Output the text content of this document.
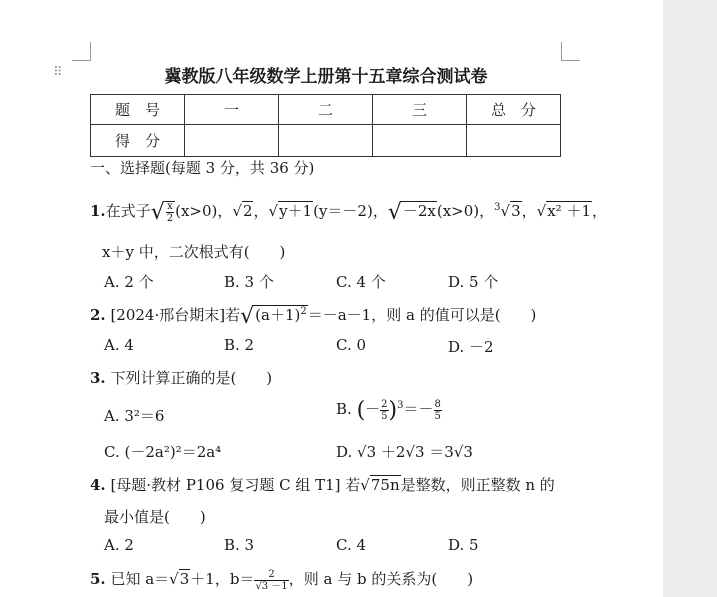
⠿	冀教版八年级数学上册第十五章综合测试卷
题　号	一	二	三	总　分
得　分				
一、选择题(每题 3 分，共 36 分)
1.在式子√ $\frac{x}{2} (x>0)$，√2，√y＋1(y＝－2)，√－2x(x>0)，$^3$√3，√x² ＋1，
x＋y 中，二次根式有(　　)
A. 2 个	B. 3 个	C. 4 个	D. 5 个
2. [2024·邢台期末]若$√(a+1)^2=-a-1$，则 a 的值可以是(　　)
A. 4	B. 2	C. 0	D. －2
3. 下列计算正确的是(　　)
A. 3²＝6	B. (－ $\frac{2}{5} )^3=- \frac{8}{5}$
C. (－2a²)²＝2a⁴	D. √3 ＋2√3 ＝3√3
4. [母题·教材 P106 复习题 C 组 T1] 若√75n是整数，则正整数 n 的
最小值是(　　)
A. 2	B. 3	C. 4	D. 5
5. 已知 a＝√3＋1，$b= \frac{2}{√3 -1}$ ，则 a 与 b 的关系为(　　)
